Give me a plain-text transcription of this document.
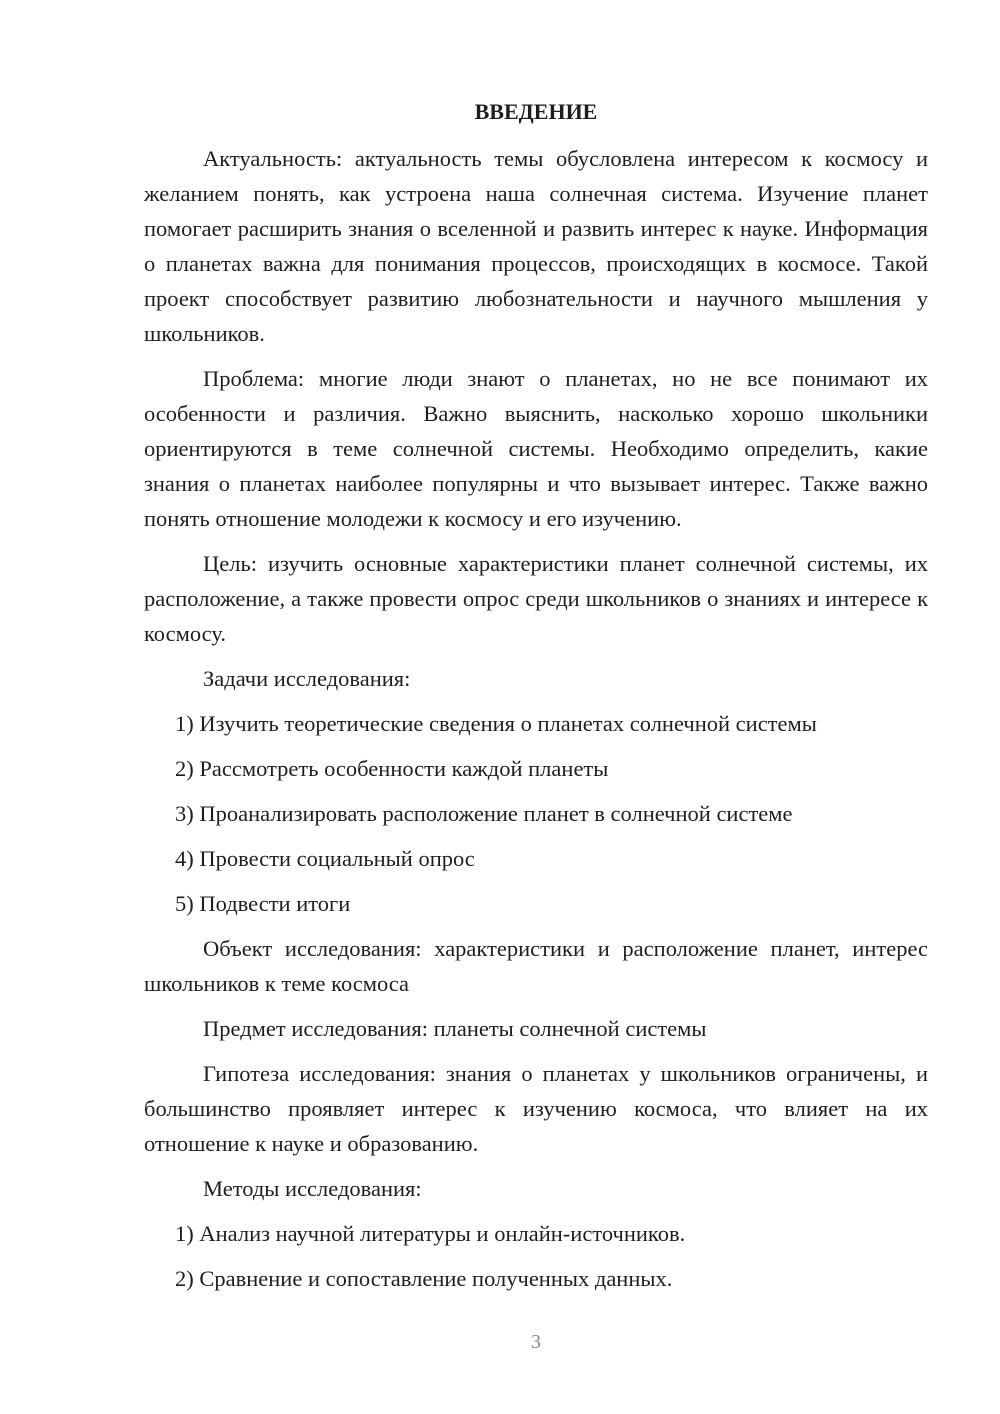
ВВЕДЕНИЕ

Актуальность: актуальность темы обусловлена интересом к космосу и желанием понять, как устроена наша солнечная система. Изучение планет помогает расширить знания о вселенной и развить интерес к науке. Информация о планетах важна для понимания процессов, происходящих в космосе. Такой проект способствует развитию любознательности и научного мышления у школьников.

Проблема: многие люди знают о планетах, но не все понимают их особенности и различия. Важно выяснить, насколько хорошо школьники ориентируются в теме солнечной системы. Необходимо определить, какие знания о планетах наиболее популярны и что вызывает интерес. Также важно понять отношение молодежи к космосу и его изучению.

Цель: изучить основные характеристики планет солнечной системы, их расположение, а также провести опрос среди школьников о знаниях и интересе к космосу.

Задачи исследования:

1) Изучить теоретические сведения о планетах солнечной системы

2) Рассмотреть особенности каждой планеты

3) Проанализировать расположение планет в солнечной системе

4) Провести социальный опрос

5) Подвести итоги

Объект исследования: характеристики и расположение планет, интерес школьников к теме космоса

Предмет исследования: планеты солнечной системы

Гипотеза исследования: знания о планетах у школьников ограничены, и большинство проявляет интерес к изучению космоса, что влияет на их отношение к науке и образованию.

Методы исследования:

1) Анализ научной литературы и онлайн-источников.

2) Сравнение и сопоставление полученных данных.

3
